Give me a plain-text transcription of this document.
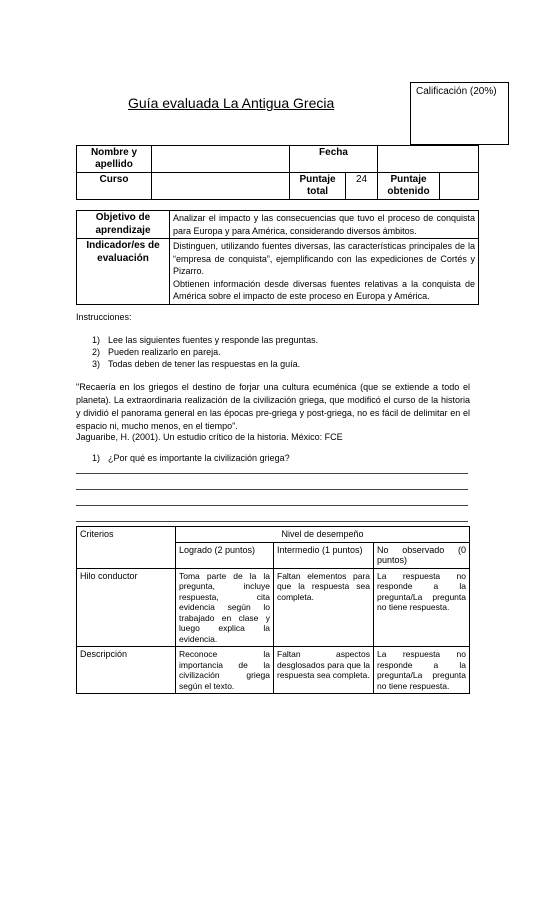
Calificación (20%)
Guía evaluada La Antigua Grecia
Nombre y apellido		Fecha			
Curso		Puntaje total	24	Puntaje obtenido	
Objetivo de aprendizaje	Analizar el impacto y las consecuencias que tuvo el proceso de conquista para Europa y para América, considerando diversos ámbitos.
Indicador/es de evaluación	Distinguen, utilizando fuentes diversas, las características principales de la “empresa de conquista”, ejemplificando con las expediciones de Cortés y Pizarro.
Obtienen información desde diversas fuentes relativas a la conquista de América sobre el impacto de este proceso en Europa y América.
Instrucciones:
1) Lee las siguientes fuentes y responde las preguntas.
2) Pueden realizarlo en pareja.
3) Todas deben de tener las respuestas en la guía.
"Recaería en los griegos el destino de forjar una cultura ecuménica (que se extiende a todo el planeta). La extraordinaria realización de la civilización griega, que modificó el curso de la historia y dividió el panorama general en las épocas pre-griega y post-griega, no es fácil de delimitar en el espacio ni, mucho menos, en el tiempo".
Jaguaribe, H. (2001). Un estudio crítico de la historia. México: FCE
1) ¿Por qué es importante la civilización griega?
Criterios	Nivel de desempeño		
	Logrado (2 puntos)	Intermedio (1 puntos)	No observado (0 puntos)
Hilo conductor	Toma parte de la la pregunta, incluye respuesta, cita evidencia según lo trabajado en clase y luego explica la evidencia.	Faltan elementos para que la respuesta sea completa.	La respuesta no responde a la pregunta/La pregunta no tiene respuesta.
Descripción	Reconoce la importancia de la civilización griega según el texto.	Faltan aspectos desglosados para que la respuesta sea completa.	La respuesta no responde a la pregunta/La pregunta no tiene respuesta.
